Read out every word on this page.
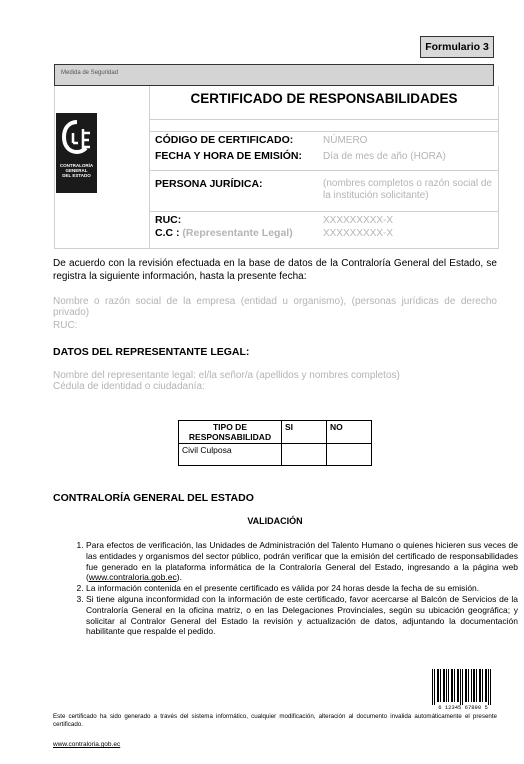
Formulario 3
Medida de Seguridad
CONTRALORÍA
GENERAL
DEL ESTADO
CERTIFICADO DE RESPONSABILIDADES
CÓDIGO DE CERTIFICADO:	NÚMERO
FECHA Y HORA DE EMISIÓN: Día de mes de año (HORA)
PERSONA JURÍDICA:	(nombres completos o razón social de la institución solicitante)
RUC:	XXXXXXXXX-X
C.C : (Representante Legal)	XXXXXXXXX-X
De acuerdo con la revisión efectuada en la base de datos de la Contraloría General del Estado, se registra la siguiente información, hasta la presente fecha:
Nombre o razón social de la empresa (entidad u organismo), (personas jurídicas de derecho privado)
RUC:
DATOS DEL REPRESENTANTE LEGAL:
Nombre del representante legal: el/la señor/a (apellidos y nombres completos)
Cédula de identidad o ciudadanía:
TIPO DE RESPONSABILIDAD	SI	NO
Civil Culposa		
CONTRALORÍA GENERAL DEL ESTADO
VALIDACIÓN
1. Para efectos de verificación, las Unidades de Administración del Talento Humano o quienes hicieren sus veces de las entidades y organismos del sector público, podrán verificar que la emisión del certificado de responsabilidades fue generado en la plataforma informática de la Contraloría General del Estado, ingresando a la página web (www.contraloria.gob.ec).
2. La información contenida en el presente certificado es válida por 24 horas desde la fecha de su emisión.
3. Si tiene alguna inconformidad con la información de este certificado, favor acercarse al Balcón de Servicios de la Contraloría General en la oficina matriz, o en las Delegaciones Provinciales, según su ubicación geográfica; y solicitar al Contralor General del Estado la revisión y actualización de datos, adjuntando la documentación habilitante que respalde el pedido.
6 12345 67890 5
Este certificado ha sido generado a través del sistema informático, cualquier modificación, alteración al documento invalida automáticamente el presente certificado.
www.contraloria.gob.ec
